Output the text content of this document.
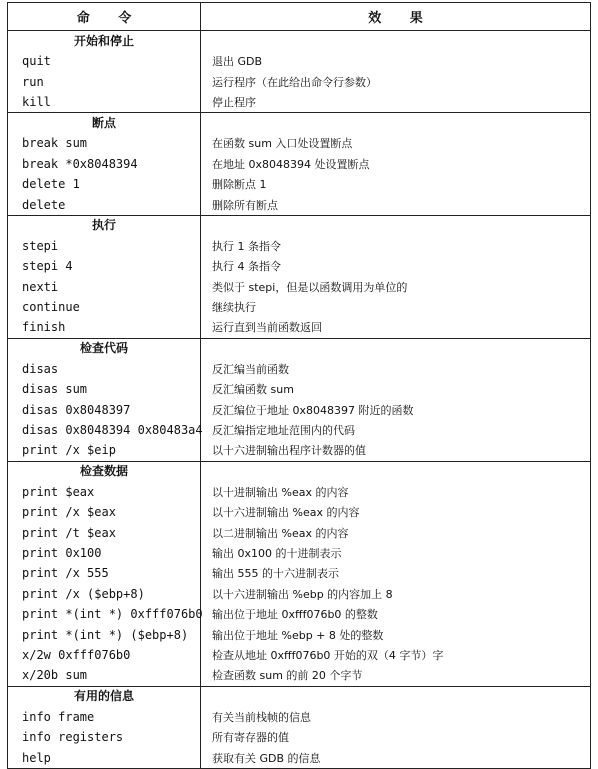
命 令	效 果
开始和停止	
quit	退出 GDB
run	运行程序（在此给出命令行参数）
kill	停止程序
断点	
break sum	在函数 sum 入口处设置断点
break *0x8048394	在地址 0x8048394 处设置断点
delete 1	删除断点 1
delete	删除所有断点
执行	
stepi	执行 1 条指令
stepi 4	执行 4 条指令
nexti	类似于 stepi，但是以函数调用为单位的
continue	继续执行
finish	运行直到当前函数返回
检查代码	
disas	反汇编当前函数
disas sum	反汇编函数 sum
disas 0x8048397	反汇编位于地址 0x8048397 附近的函数
disas 0x8048394 0x80483a4	反汇编指定地址范围内的代码
print /x $eip	以十六进制输出程序计数器的值
检查数据	
print $eax	以十进制输出 %eax 的内容
print /x $eax	以十六进制输出 %eax 的内容
print /t $eax	以二进制输出 %eax 的内容
print 0x100	输出 0x100 的十进制表示
print /x 555	输出 555 的十六进制表示
print /x ($ebp+8)	以十六进制输出 %ebp 的内容加上 8
print *(int *) 0xfff076b0	输出位于地址 0xfff076b0 的整数
print *(int *) ($ebp+8)	输出位于地址 %ebp + 8 处的整数
x/2w 0xfff076b0	检查从地址 0xfff076b0 开始的双（4 字节）字
x/20b sum	检查函数 sum 的前 20 个字节
有用的信息	
info frame	有关当前栈帧的信息
info registers	所有寄存器的值
help	获取有关 GDB 的信息
